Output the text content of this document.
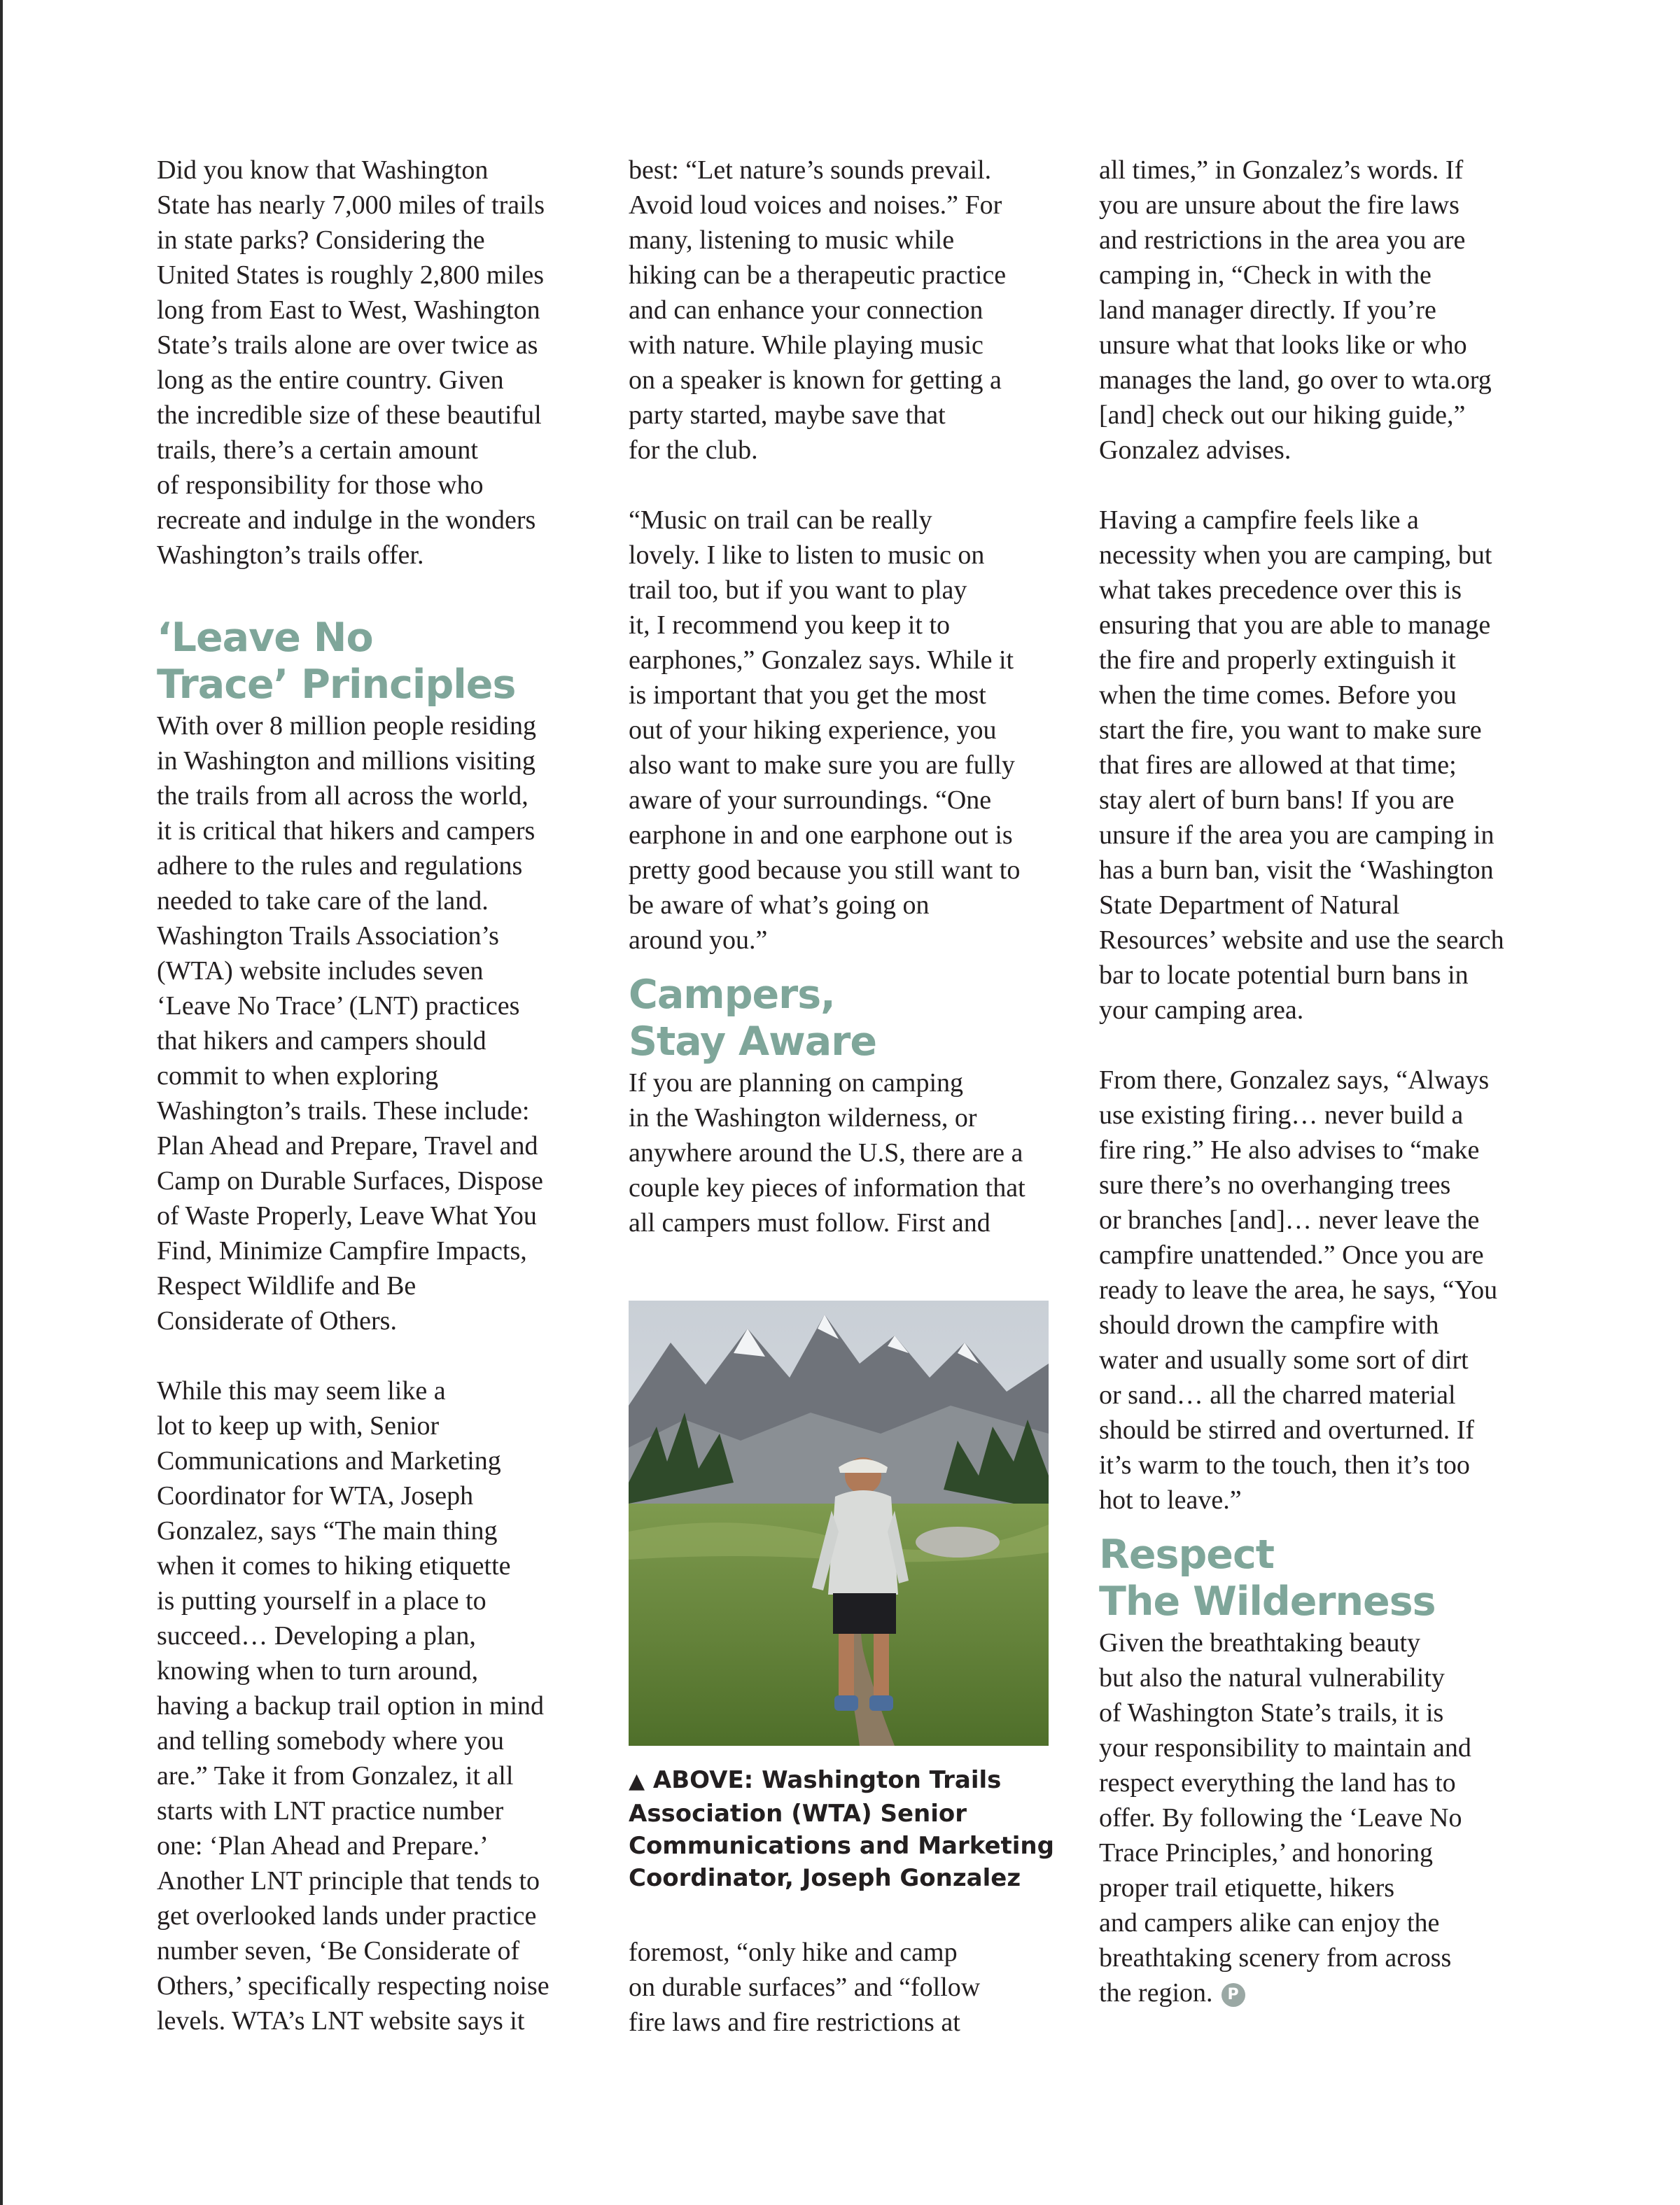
Did you know that Washington
State has nearly 7,000 miles of trails
in state parks? Considering the
United States is roughly 2,800 miles
long from East to West, Washington
State’s trails alone are over twice as
long as the entire country. Given
the incredible size of these beautiful
trails, there’s a certain amount
of responsibility for those who
recreate and indulge in the wonders
Washington’s trails offer.

‘Leave No
Trace’ Principles

With over 8 million people residing
in Washington and millions visiting
the trails from all across the world,
it is critical that hikers and campers
adhere to the rules and regulations
needed to take care of the land.
Washington Trails Association’s
(WTA) website includes seven
‘Leave No Trace’ (LNT) practices
that hikers and campers should
commit to when exploring
Washington’s trails. These include:
Plan Ahead and Prepare, Travel and
Camp on Durable Surfaces, Dispose
of Waste Properly, Leave What You
Find, Minimize Campfire Impacts,
Respect Wildlife and Be
Considerate of Others.

While this may seem like a
lot to keep up with, Senior
Communications and Marketing
Coordinator for WTA, Joseph
Gonzalez, says “The main thing
when it comes to hiking etiquette
is putting yourself in a place to
succeed… Developing a plan,
knowing when to turn around,
having a backup trail option in mind
and telling somebody where you
are.” Take it from Gonzalez, it all
starts with LNT practice number
one: ‘Plan Ahead and Prepare.’
Another LNT principle that tends to
get overlooked lands under practice
number seven, ‘Be Considerate of
Others,’ specifically respecting noise
levels. WTA’s LNT website says it

best: “Let nature’s sounds prevail.
Avoid loud voices and noises.” For
many, listening to music while
hiking can be a therapeutic practice
and can enhance your connection
with nature. While playing music
on a speaker is known for getting a
party started, maybe save that
for the club.

“Music on trail can be really
lovely. I like to listen to music on
trail too, but if you want to play
it, I recommend you keep it to
earphones,” Gonzalez says. While it
is important that you get the most
out of your hiking experience, you
also want to make sure you are fully
aware of your surroundings. “One
earphone in and one earphone out is
pretty good because you still want to
be aware of what’s going on
around you.”

Campers,
Stay Aware

If you are planning on camping
in the Washington wilderness, or
anywhere around the U.S, there are a
couple key pieces of information that
all campers must follow. First and

▲ ABOVE: Washington Trails
Association (WTA) Senior
Communications and Marketing
Coordinator, Joseph Gonzalez

foremost, “only hike and camp
on durable surfaces” and “follow
fire laws and fire restrictions at

all times,” in Gonzalez’s words. If
you are unsure about the fire laws
and restrictions in the area you are
camping in, “Check in with the
land manager directly. If you’re
unsure what that looks like or who
manages the land, go over to wta.org
[and] check out our hiking guide,”
Gonzalez advises.

Having a campfire feels like a
necessity when you are camping, but
what takes precedence over this is
ensuring that you are able to manage
the fire and properly extinguish it
when the time comes. Before you
start the fire, you want to make sure
that fires are allowed at that time;
stay alert of burn bans! If you are
unsure if the area you are camping in
has a burn ban, visit the ‘Washington
State Department of Natural
Resources’ website and use the search
bar to locate potential burn bans in
your camping area.

From there, Gonzalez says, “Always
use existing firing… never build a
fire ring.” He also advises to “make
sure there’s no overhanging trees
or branches [and]… never leave the
campfire unattended.” Once you are
ready to leave the area, he says, “You
should drown the campfire with
water and usually some sort of dirt
or sand… all the charred material
should be stirred and overturned. If
it’s warm to the touch, then it’s too
hot to leave.”

Respect
The Wilderness

Given the breathtaking beauty
but also the natural vulnerability
of Washington State’s trails, it is
your responsibility to maintain and
respect everything the land has to
offer. By following the ‘Leave No
Trace Principles,’ and honoring
proper trail etiquette, hikers
and campers alike can enjoy the
breathtaking scenery from across
the region. P
